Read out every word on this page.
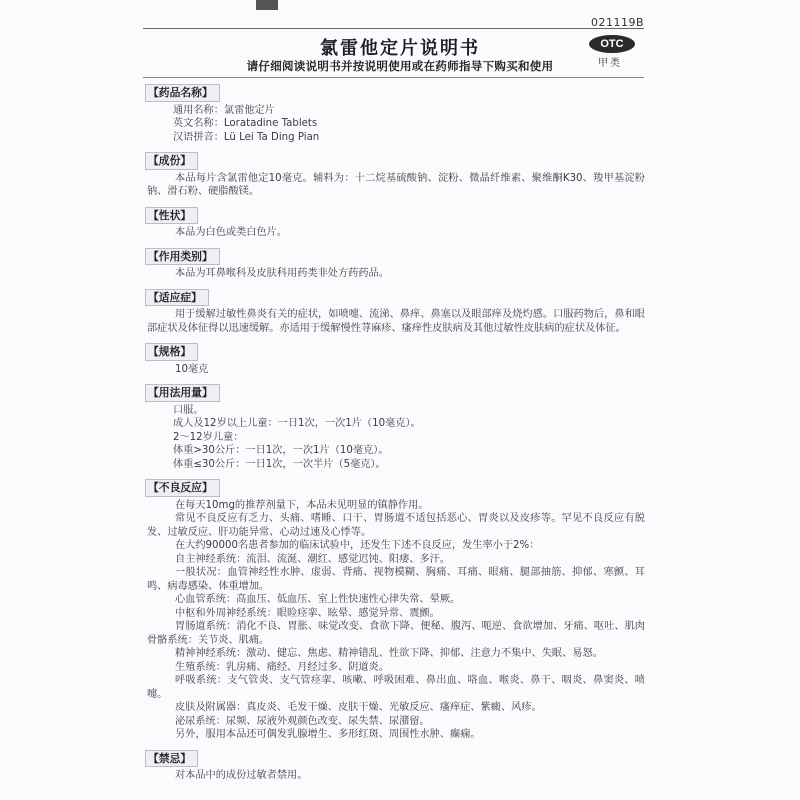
021119B
氯雷他定片说明书
请仔细阅读说明书并按说明使用或在药师指导下购买和使用
OTC
甲类
【药品名称】
通用名称：氯雷他定片
英文名称：Loratadine Tablets
汉语拼音：Lü Lei Ta Ding Pian
【成份】
本品每片含氯雷他定10毫克。辅料为：十二烷基硫酸钠、淀粉、微晶纤维素、聚维酮K30、羧甲基淀粉钠、滑石粉、硬脂酸镁。
【性状】
本品为白色或类白色片。
【作用类别】
本品为耳鼻喉科及皮肤科用药类非处方药药品。
【适应症】
用于缓解过敏性鼻炎有关的症状，如喷嚏、流涕、鼻痒、鼻塞以及眼部痒及烧灼感。口服药物后，鼻和眼部症状及体征得以迅速缓解。亦适用于缓解慢性荨麻疹、瘙痒性皮肤病及其他过敏性皮肤病的症状及体征。
【规格】
10毫克
【用法用量】
口服。
成人及12岁以上儿童：一日1次，一次1片（10毫克）。
2～12岁儿童：
体重>30公斤：一日1次，一次1片（10毫克）。
体重≤30公斤：一日1次，一次半片（5毫克）。
【不良反应】
在每天10mg的推荐剂量下，本品未见明显的镇静作用。
常见不良反应有乏力、头痛、嗜睡、口干、胃肠道不适包括恶心、胃炎以及皮疹等。罕见不良反应有脱发、过敏反应、肝功能异常、心动过速及心悸等。
在大约90000名患者参加的临床试验中，还发生下述不良反应，发生率小于2%：
自主神经系统：流泪、流涎、潮红、感觉迟钝、阳痿、多汗。
一般状况：血管神经性水肿、虚弱、背痛、视物模糊、胸痛、耳痛、眼痛、腿部抽筋、抑郁、寒颤、耳鸣、病毒感染、体重增加。
心血管系统：高血压、低血压、室上性快速性心律失常、晕厥。
中枢和外周神经系统：眼睑痉挛、眩晕、感觉异常、震颤。
胃肠道系统：消化不良、胃胀、味觉改变、食欲下降、便秘、腹泻、呃逆、食欲增加、牙痛、呕吐、肌肉骨骼系统：关节炎、肌痛。
精神神经系统：激动、健忘、焦虑、精神错乱、性欲下降、抑郁、注意力不集中、失眠、易怒。
生殖系统：乳房痛、痛经、月经过多、阴道炎。
呼吸系统：支气管炎、支气管痉挛、咳嗽、呼吸困难、鼻出血、咯血、喉炎、鼻干、咽炎、鼻窦炎、喷嚏。
皮肤及附属器：真皮炎、毛发干燥、皮肤干燥、光敏反应、瘙痒症、紫癜、风疹。
泌尿系统：尿频、尿液外观颜色改变、尿失禁、尿潴留。
另外，服用本品还可偶发乳腺增生、多形红斑、周围性水肿、癫痫。
【禁忌】
对本品中的成份过敏者禁用。
